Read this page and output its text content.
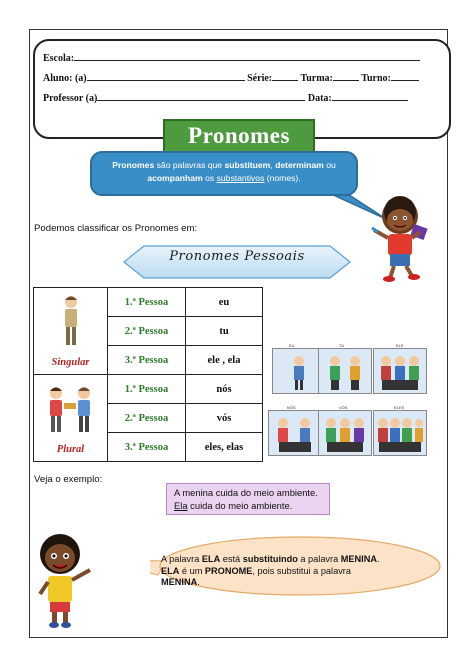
Escola:
Aluno: (a)	Série:	Turma:	Turno:
Professor (a)	Data:
Pronomes
Pronomes são palavras que substituem, determinam ou
acompanham os substantivos (nomes).
Podemos classificar os Pronomes em:
Pronomes Pessoais
Singular	1.ª Pessoa	eu
	2.ª Pessoa	tu
	3.ª Pessoa	ele , ela

Plural	1.ª Pessoa	nós
	2.ª Pessoa	vós
	3.ª Pessoa	eles, elas
EU	TU	ELE
NÓS	VÓS	ELES
Veja o exemplo:
A menina cuida do meio ambiente.
Ela cuida do meio ambiente.
A palavra ELA está substituindo a palavra MENINA.
ELA é um PRONOME, pois substitui a palavra
MENINA.
